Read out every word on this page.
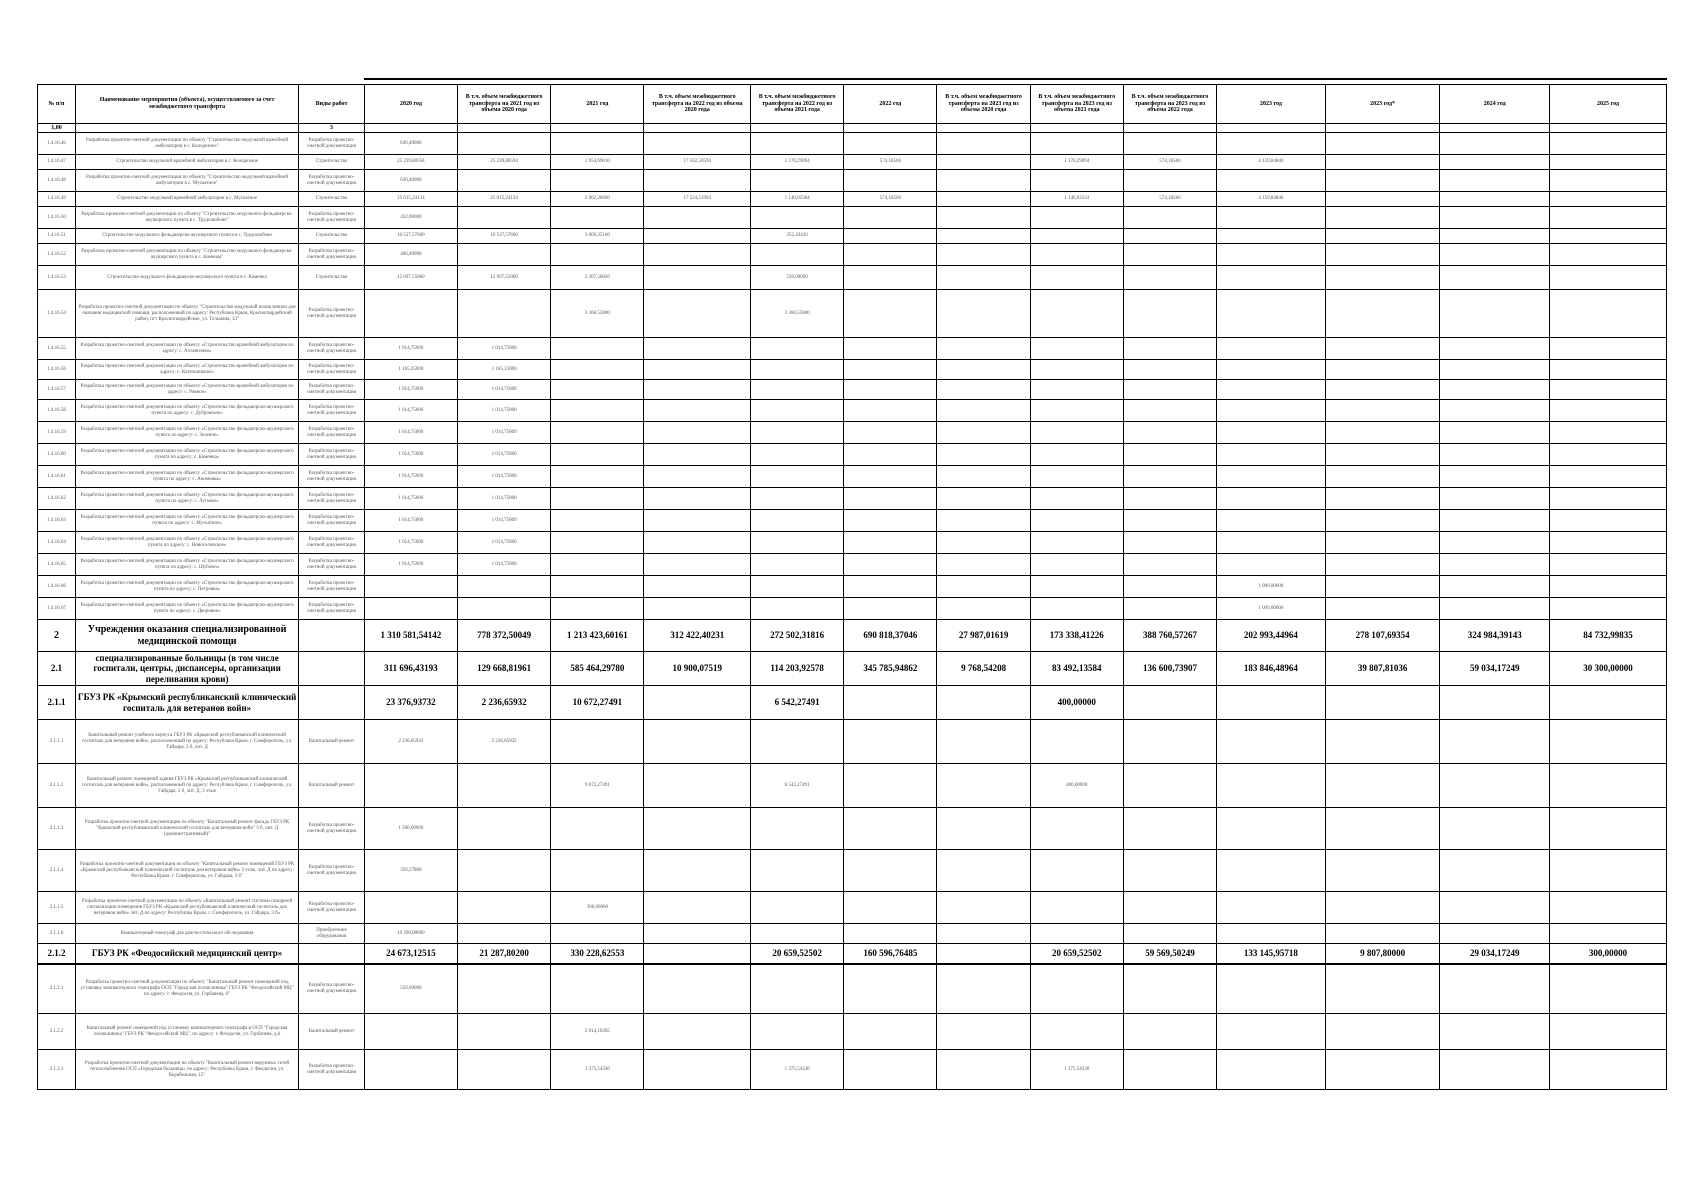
№ п/п	Наименование мероприятия (объекта), осуществляемого за счет межбюджетного трансферта	Виды работ	2020 год	В т.ч. объем межбюджетного трансферта на 2021 год из объема 2020 года	2021 год	В т.ч. объем межбюджетного трансферта на 2022 год из объема 2020 года	В т.ч. объем межбюджетного трансферта на 2022 год из объема 2021 года	2022 год	В т.ч. объем межбюджетного трансферта на 2023 год из объема 2020 года	В т.ч. объем межбюджетного трансферта на 2023 год из объема 2021 года	В т.ч. объем межбюджетного трансферта на 2023 год из объема 2022 года	2023 год	2023 год*	2024 год	2025 год
1,00		3													
1.4.16.46	Разработка проектно-сметной документации по объекту "Строительство модульной врачебной амбулатории в с. Колодезное"	Разработка проектно-сметной документации	630,40000												
1.4.16.47	Строительство модульной врачебной амбулатории в с. Колодезное	Строительство	25 239,80594	25 239,80594	1 954,69010	17 562,50594	1 170,29094	574,18566		1 170,29094	574,18566	4 159,84840			
1.4.16.48	Разработка проектно-сметной документации по объекту "Строительство модульной врачебной амбулатории в с. Мускатное"	Разработка проектно-сметной документации	630,40000												
1.4.16.49	Строительство модульной врачебной амбулатории в с. Мускатное	Строительство	25 015,24134	25 015,24134	2 062,26060	17 524,51094	1 140,02384	574,18566		1 140,02334	574,18566	4 159,84840			
1.4.16.50	Разработка проектно-сметной документации по объекту "Строительство модульного фельдшерско-акушерского пункта в с. Трудолюбово"	Разработка проектно-сметной документации	432,00000												
1.4.16.51	Строительство модульного фельдшерско-акушерского пункта в с. Трудолюбово	Строительство	10 537,57600	10 537,57600	3 069,35160		252,43420								
1.4.16.52	Разработка проектно-сметной документации по объекту "Строительство модульного фельдшерско-акушерского пункта в с. Каменка"	Разработка проектно-сметной документации	406,40000												
1.4.16.53	Строительство модульного фельдшерско-акушерского пункта в с. Каменка	Строительство	12 697,55000	12 697,55000	2 207,56050		539,00000								
1.4.16.54	Разработка проектно-сметной документации по объекту "Строительство модульной поликлиники для оказания медицинской помощи, расположенной по адресу: Республика Крым, Красногвардейский район, пгт Красногвардейское, ул. Тельмана, 13"	Разработка проектно-сметной документации			3 360,55600		3 360,55600								
1.4.16.55	Разработка проектно-сметной документации по объекту «Строительство врачебной амбулатории по адресу: с. Ахтанизово»	Разработка проектно-сметной документации	1 014,75000	1 014,75000											
1.4.16.56	Разработка проектно-сметной документации по объекту «Строительство врачебной амбулатории по адресу: с. Котельниково»	Разработка проектно-сметной документации	1 165,25000	1 165,25000											
1.4.16.57	Разработка проектно-сметной документации по объекту «Строительство врачебной амбулатории по адресу: с. Ровное»	Разработка проектно-сметной документации	1 014,75000	1 014,75000											
1.4.16.58	Разработка проектно-сметной документации по объекту «Строительство фельдшерско-акушерского пункта по адресу: с. Дубровское»	Разработка проектно-сметной документации	1 014,75000	1 014,75000											
1.4.16.59	Разработка проектно-сметной документации по объекту «Строительство фельдшерско-акушерского пункта по адресу: с. Зеленое»	Разработка проектно-сметной документации	1 014,75000	1 014,75000											
1.4.16.60	Разработка проектно-сметной документации по объекту «Строительство фельдшерско-акушерского пункта по адресу: с. Каменка»	Разработка проектно-сметной документации	1 014,75000	1 014,75000											
1.4.16.61	Разработка проектно-сметной документации по объекту «Строительство фельдшерско-акушерского пункта по адресу: с. Акимовка»	Разработка проектно-сметной документации	1 014,75000	1 014,75000											
1.4.16.62	Разработка проектно-сметной документации по объекту «Строительство фельдшерско-акушерского пункта по адресу: с. Луговое»	Разработка проектно-сметной документации	1 014,75000	1 014,75000											
1.4.16.63	Разработка проектно-сметной документации по объекту «Строительство фельдшерско-акушерского пункта по адресу: с. Мускатное»	Разработка проектно-сметной документации	1 014,75000	1 014,75000											
1.4.16.64	Разработка проектно-сметной документации по объекту «Строительство фельдшерско-акушерского пункта по адресу: с. Новоселовское»	Разработка проектно-сметной документации	1 014,75000	1 014,75000											
1.4.16.65	Разработка проектно-сметной документации по объекту «Строительство фельдшерско-акушерского пункта по адресу: с. Шубино»	Разработка проектно-сметной документации	1 014,75000	1 014,75000											
1.4.16.66	Разработка проектно-сметной документации по объекту «Строительство фельдшерско-акушерского пункта по адресу: с. Петровка»	Разработка проектно-сметной документации										1 000,00000			
1.4.16.67	Разработка проектно-сметной документации по объекту «Строительство фельдшерско-акушерского пункта по адресу: с. Дворовое»	Разработка проектно-сметной документации										1 000,00000			
2	Учреждения оказания специализированной медицинской помощи		1 310 581,54142	778 372,50049	1 213 423,60161	312 422,40231	272 502,31816	690 818,37046	27 987,01619	173 338,41226	388 760,57267	202 993,44964	278 107,69354	324 984,39143	84 732,99835
2.1	специализированные больницы (в том числе госпитали, центры, диспансеры, организации переливания крови)		311 696,43193	129 668,81961	585 464,29780	10 900,07519	114 203,92578	345 785,94862	9 768,54208	83 492,13584	136 600,73907	183 846,48964	39 807,81036	59 034,17249	30 300,00000
2.1.1	ГБУЗ РК «Крымский республиканский клинический госпиталь для ветеранов войн»		23 376,93732	2 236,65932	10 672,27491		6 542,27491			400,00000					
2.1.1.1	Капитальный ремонт учебного корпуса ГБУЗ РК «Крымский республиканский клинический госпиталь для ветеранов войн», расположенный по адресу: Республика Крым, г. Симферополь, ул. Гайдара, 3 б, лит. Д	Капитальный ремонт	2 236,65932	2 236,65932											
2.1.1.2	Капитальный ремонт помещений здания ГБУЗ РК «Крымский республиканский клинический госпиталь для ветеранов войн», расположенный по адресу: Республика Крым, г. Симферополь, ул. Гайдара, 3 б, лит. Д, 3 этаж	Капитальный ремонт			9 672,27491		6 542,27491			400,00000					
2.1.1.3	Разработка проектно-сметной документации по объекту "Капитальный ремонт фасада ГБУЗ РК "Крымский республиканский клинический госпиталь для ветеранов войн" 3 б, лит. Д (административный)"	Разработка проектно-сметной документации	1 500,00000												
2.1.1.4	Разработка проектно-сметной документации по объекту "Капитальный ремонт помещений ГБУЗ РК «Крымский республиканский клинический госпиталь для ветеранов войн» 3 этаж, лит. Д по адресу: Республика Крым, г. Симферополь, ул. Гайдара, 3 б"	Разработка проектно-сметной документации	350,57800												
2.1.1.5	Разработка проектно-сметной документации по объекту «Капитальный ремонт системы пожарной сигнализации помещения ГБУЗ РК «Крымский республиканский клинический госпиталь для ветеранов войн» лит. Д по адресу: Республика Крым, г. Симферополь, ул. Гайдара, 3 б»	Разработка проектно-сметной документации			300,00000										
2.1.1.6	Компьютерный томограф для диагностического обследования	Приобретение оборудования	19 290,00000												
2.1.2	ГБУЗ РК «Феодосийский медицинский центр»		24 673,12515	21 287,80200	330 228,62553		20 659,52502	160 596,76485		20 659,52502	59 569,50249	133 145,95718	9 807,80000	29 034,17249	300,00000
2.1.2.1	Разработка проектно-сметной документации по объекту "Капитальный ремонт помещений под установку компьютерного томографа ОСП "Городская поликлиника" ГБУЗ РК "Феодосийский МЦ" по адресу: г. Феодосия, ул. Горбачева, 6"	Разработка проектно-сметной документации	550,00000												
2.1.2.2	Капитальный ремонт помещений под установку компьютерного томографа в ОСП "Городская поликлиника" ГБУЗ РК "Феодосийский МЦ", по адресу: г. Феодосия, ул. Горбачева, д.6	Капитальный ремонт			5 014,10265										
2.1.2.3	Разработка проектно-сметной документации по объекту "Капитальный ремонт наружных сетей теплоснабжения ОСП «Городская больница» по адресу: Республика Крым, г. Феодосия, ул. Корабельная, 15"	Разработка проектно-сметной документации			1 375,54330		1 375,54330			1 375,54330					
